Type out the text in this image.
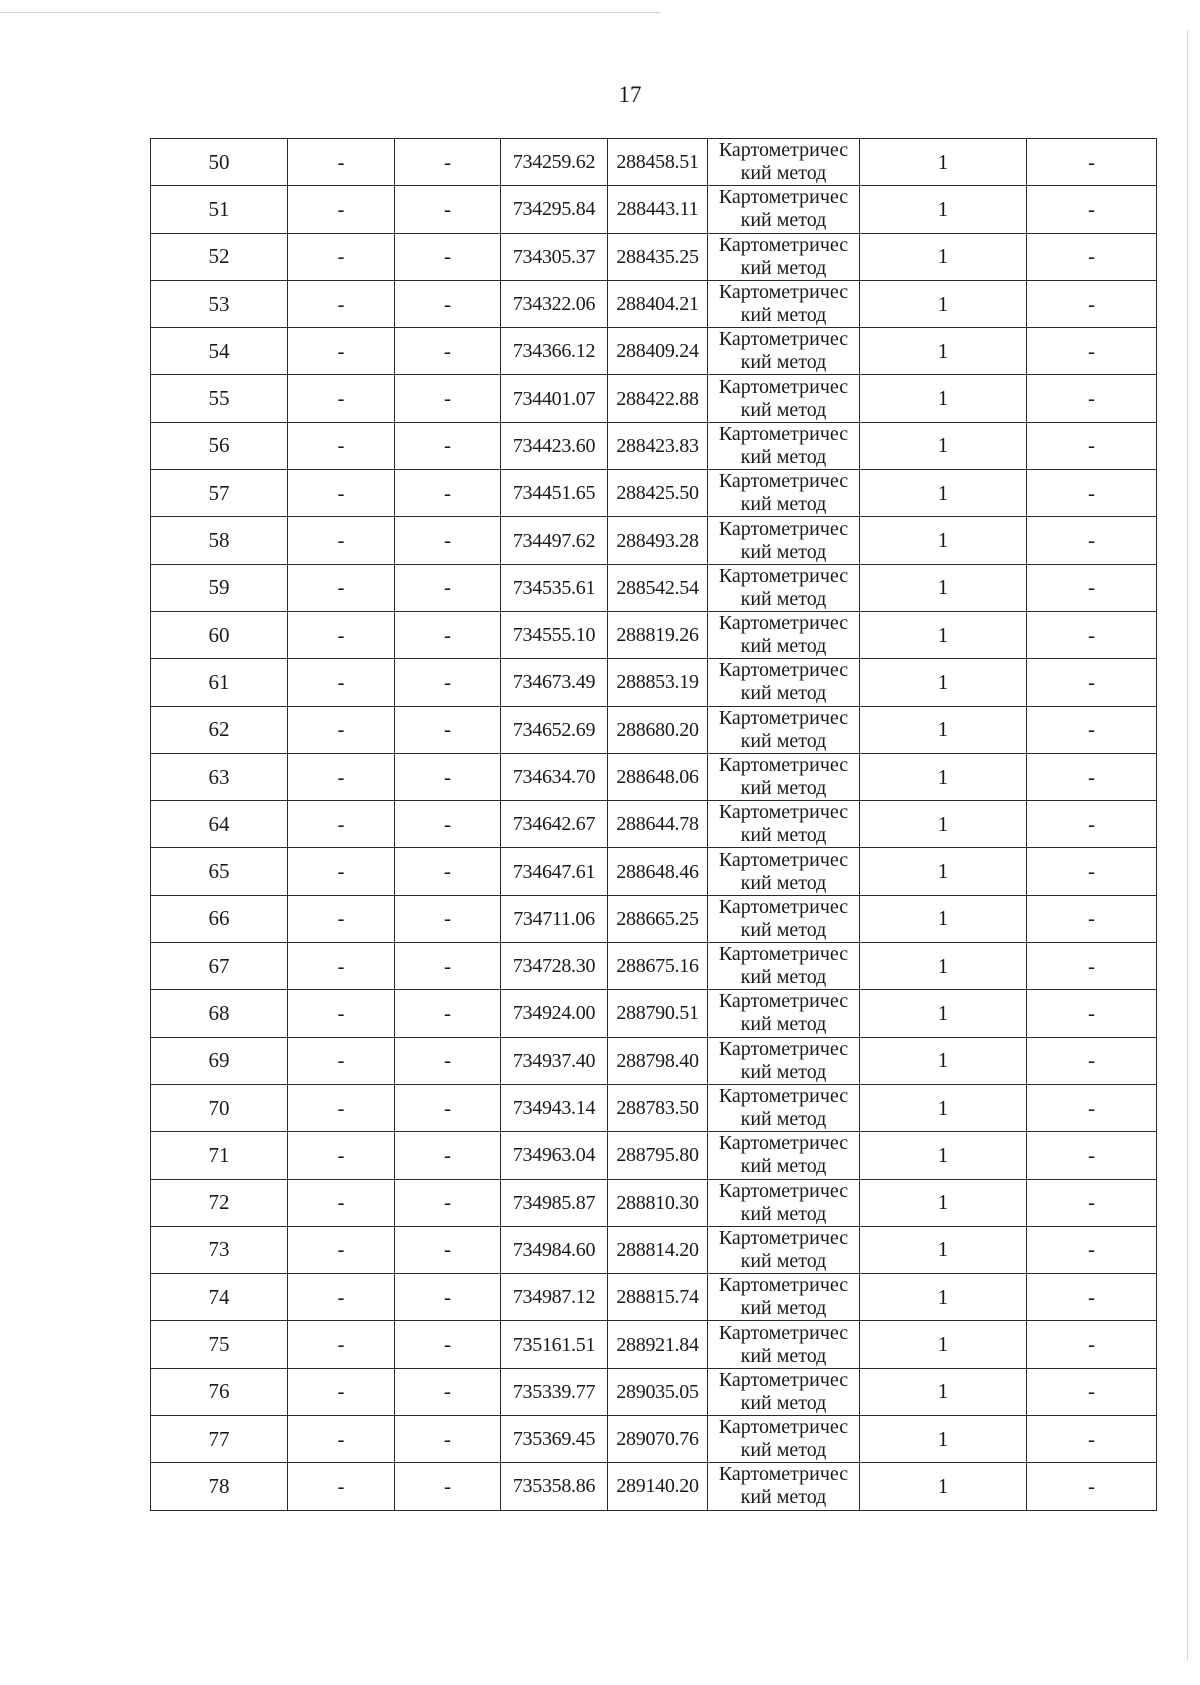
17
50	-	-	734259.62	288458.51	Картометричес
кий метод	1	-
51	-	-	734295.84	288443.11	Картометричес
кий метод	1	-
52	-	-	734305.37	288435.25	Картометричес
кий метод	1	-
53	-	-	734322.06	288404.21	Картометричес
кий метод	1	-
54	-	-	734366.12	288409.24	Картометричес
кий метод	1	-
55	-	-	734401.07	288422.88	Картометричес
кий метод	1	-
56	-	-	734423.60	288423.83	Картометричес
кий метод	1	-
57	-	-	734451.65	288425.50	Картометричес
кий метод	1	-
58	-	-	734497.62	288493.28	Картометричес
кий метод	1	-
59	-	-	734535.61	288542.54	Картометричес
кий метод	1	-
60	-	-	734555.10	288819.26	Картометричес
кий метод	1	-
61	-	-	734673.49	288853.19	Картометричес
кий метод	1	-
62	-	-	734652.69	288680.20	Картометричес
кий метод	1	-
63	-	-	734634.70	288648.06	Картометричес
кий метод	1	-
64	-	-	734642.67	288644.78	Картометричес
кий метод	1	-
65	-	-	734647.61	288648.46	Картометричес
кий метод	1	-
66	-	-	734711.06	288665.25	Картометричес
кий метод	1	-
67	-	-	734728.30	288675.16	Картометричес
кий метод	1	-
68	-	-	734924.00	288790.51	Картометричес
кий метод	1	-
69	-	-	734937.40	288798.40	Картометричес
кий метод	1	-
70	-	-	734943.14	288783.50	Картометричес
кий метод	1	-
71	-	-	734963.04	288795.80	Картометричес
кий метод	1	-
72	-	-	734985.87	288810.30	Картометричес
кий метод	1	-
73	-	-	734984.60	288814.20	Картометричес
кий метод	1	-
74	-	-	734987.12	288815.74	Картометричес
кий метод	1	-
75	-	-	735161.51	288921.84	Картометричес
кий метод	1	-
76	-	-	735339.77	289035.05	Картометричес
кий метод	1	-
77	-	-	735369.45	289070.76	Картометричес
кий метод	1	-
78	-	-	735358.86	289140.20	Картометричес
кий метод	1	-
